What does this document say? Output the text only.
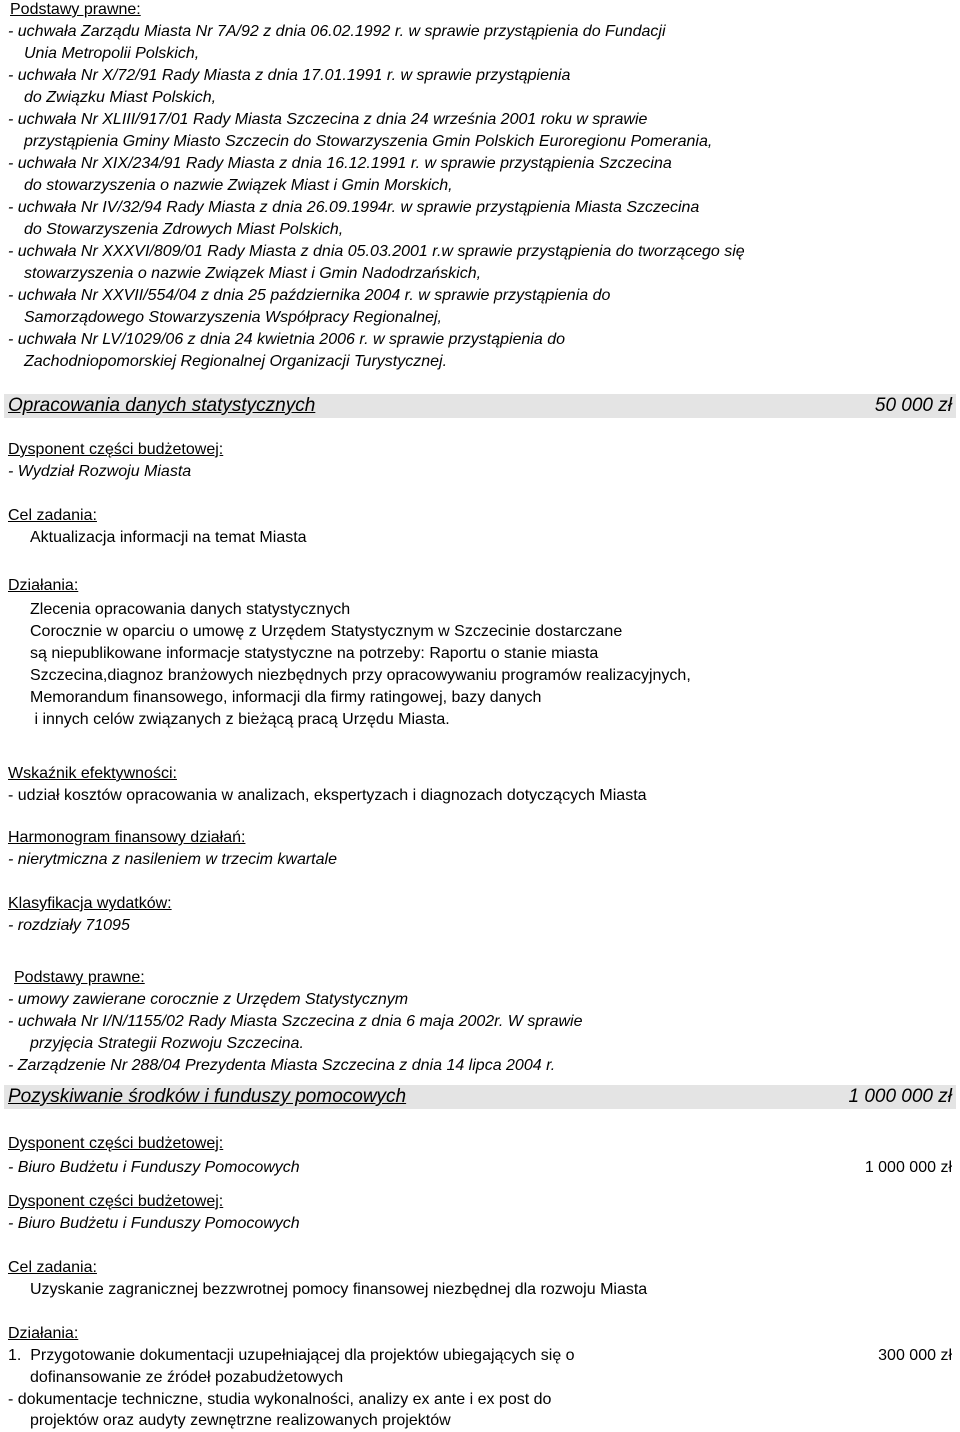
Podstawy prawne:
- uchwała Zarządu Miasta Nr 7A/92 z dnia 06.02.1992 r. w sprawie przystąpienia do Fundacji
Unia Metropolii Polskich,
- uchwała Nr X/72/91 Rady Miasta z dnia 17.01.1991 r. w sprawie przystąpienia
do Związku Miast Polskich,
- uchwała Nr XLIII/917/01 Rady Miasta Szczecina z dnia 24 września 2001 roku w sprawie
przystąpienia Gminy Miasto Szczecin do Stowarzyszenia Gmin Polskich Euroregionu Pomerania,
- uchwała Nr XIX/234/91 Rady Miasta z dnia 16.12.1991 r. w sprawie przystąpienia Szczecina
do stowarzyszenia o nazwie Związek Miast i Gmin Morskich,
- uchwała Nr IV/32/94 Rady Miasta z dnia 26.09.1994r. w sprawie przystąpienia Miasta Szczecina
do Stowarzyszenia Zdrowych Miast Polskich,
- uchwała Nr XXXVI/809/01 Rady Miasta z dnia 05.03.2001 r.w sprawie przystąpienia do tworzącego się
stowarzyszenia o nazwie Związek Miast i Gmin Nadodrzańskich,
- uchwała Nr XXVII/554/04 z dnia 25 października 2004 r. w sprawie przystąpienia do
Samorządowego Stowarzyszenia Współpracy Regionalnej,
- uchwała Nr LV/1029/06 z dnia 24 kwietnia 2006 r. w sprawie przystąpienia do
Zachodniopomorskiej Regionalnej Organizacji Turystycznej.
Opracowania danych statystycznych	50 000 zł
Dysponent części budżetowej:
- Wydział Rozwoju Miasta
Cel zadania:
Aktualizacja informacji na temat Miasta
Działania:
Zlecenia opracowania danych statystycznych
Corocznie w oparciu o umowę z Urzędem Statystycznym w Szczecinie dostarczane
są niepublikowane informacje statystyczne na potrzeby: Raportu o stanie miasta
Szczecina,diagnoz branżowych niezbędnych przy opracowywaniu programów realizacyjnych,
Memorandum finansowego, informacji dla firmy ratingowej, bazy danych
i innych celów związanych z bieżącą pracą Urzędu Miasta.
Wskaźnik efektywności:
- udział kosztów opracowania w analizach, ekspertyzach i diagnozach dotyczących Miasta
Harmonogram finansowy działań:
- nierytmiczna z nasileniem w trzecim kwartale
Klasyfikacja wydatków:
- rozdziały 71095
Podstawy prawne:
- umowy zawierane corocznie z Urzędem Statystycznym
- uchwała Nr I/N/1155/02 Rady Miasta Szczecina z dnia 6 maja 2002r. W sprawie
przyjęcia Strategii Rozwoju Szczecina.
- Zarządzenie Nr 288/04 Prezydenta Miasta Szczecina z dnia 14 lipca 2004 r.
Pozyskiwanie środków i funduszy pomocowych	1 000 000 zł
Dysponent części budżetowej:
- Biuro Budżetu i Funduszy Pomocowych	1 000 000 zł
Dysponent części budżetowej:
- Biuro Budżetu i Funduszy Pomocowych
Cel zadania:
Uzyskanie zagranicznej bezzwrotnej pomocy finansowej niezbędnej dla rozwoju Miasta
Działania:
1.  Przygotowanie dokumentacji uzupełniającej dla projektów ubiegających się o	300 000 zł
dofinansowanie ze źródeł pozabudżetowych
- dokumentacje techniczne, studia wykonalności, analizy ex ante i ex post do
projektów oraz audyty zewnętrzne realizowanych projektów
